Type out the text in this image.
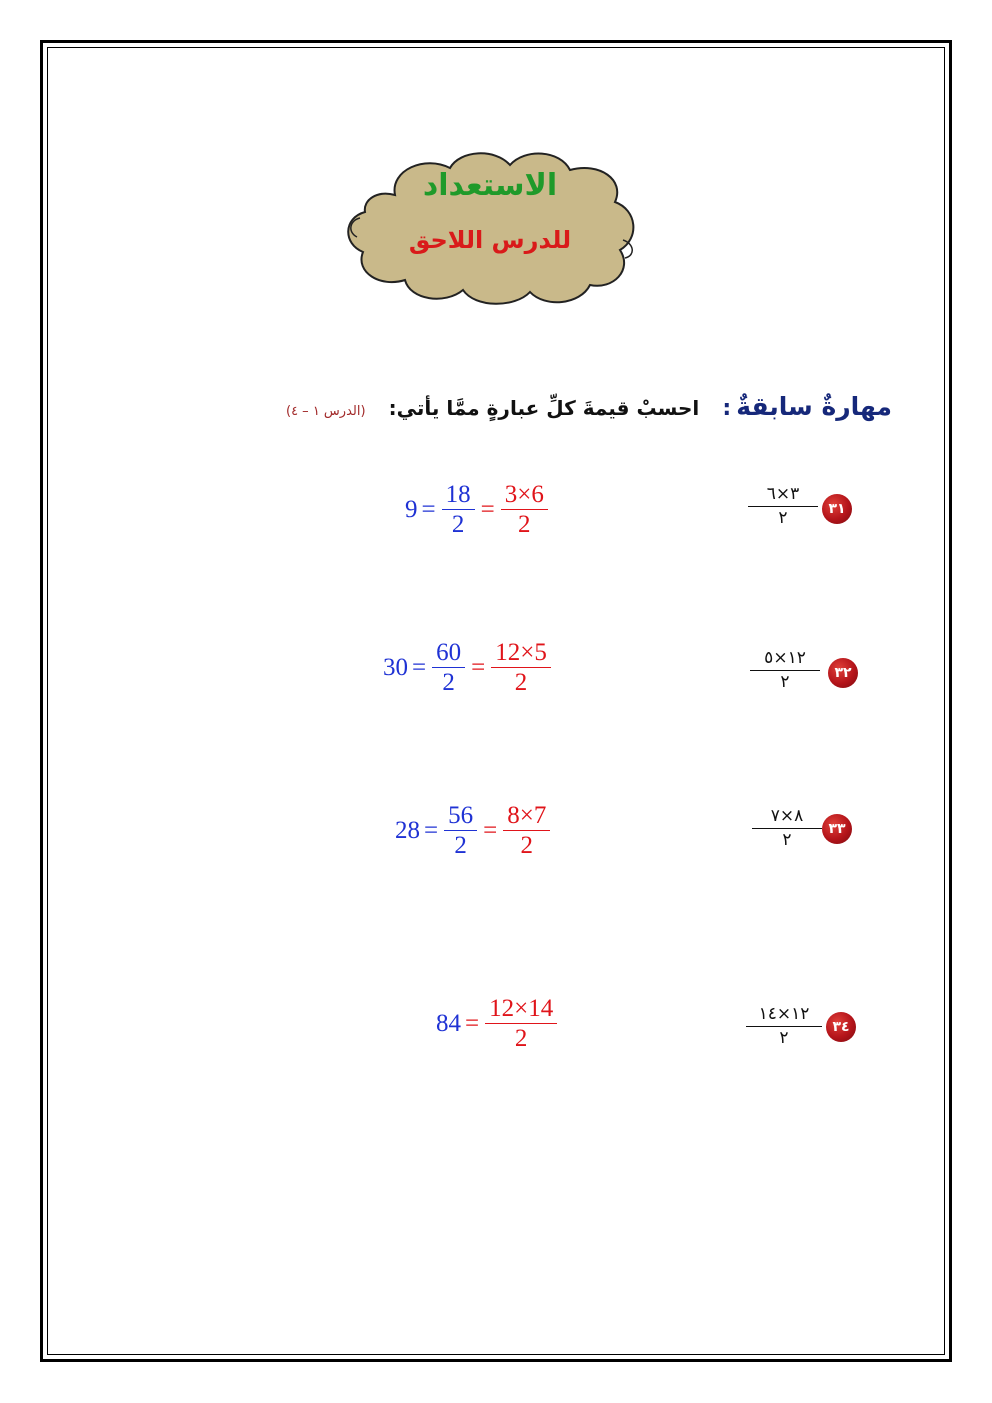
الاستعداد
للدرس اللاحق
مهارةٌ سابقةٌ : احسبْ قيمةَ كلِّ عبارةٍ ممَّا يأتي: (الدرس ١ – ٤)
٣١
٣×٦
٢
$9 = \frac{18}{2} = \frac{3\times 6}{2}$
٣٢
١٢×٥
٢
$30 = \frac{60}{2} = \frac{12\times 5}{2}$
٣٣
٨×٧
٢
$28 = \frac{56}{2} = \frac{8\times 7}{2}$
٣٤
١٢×١٤
٢
$84 = \frac{12\times 14}{2}$
